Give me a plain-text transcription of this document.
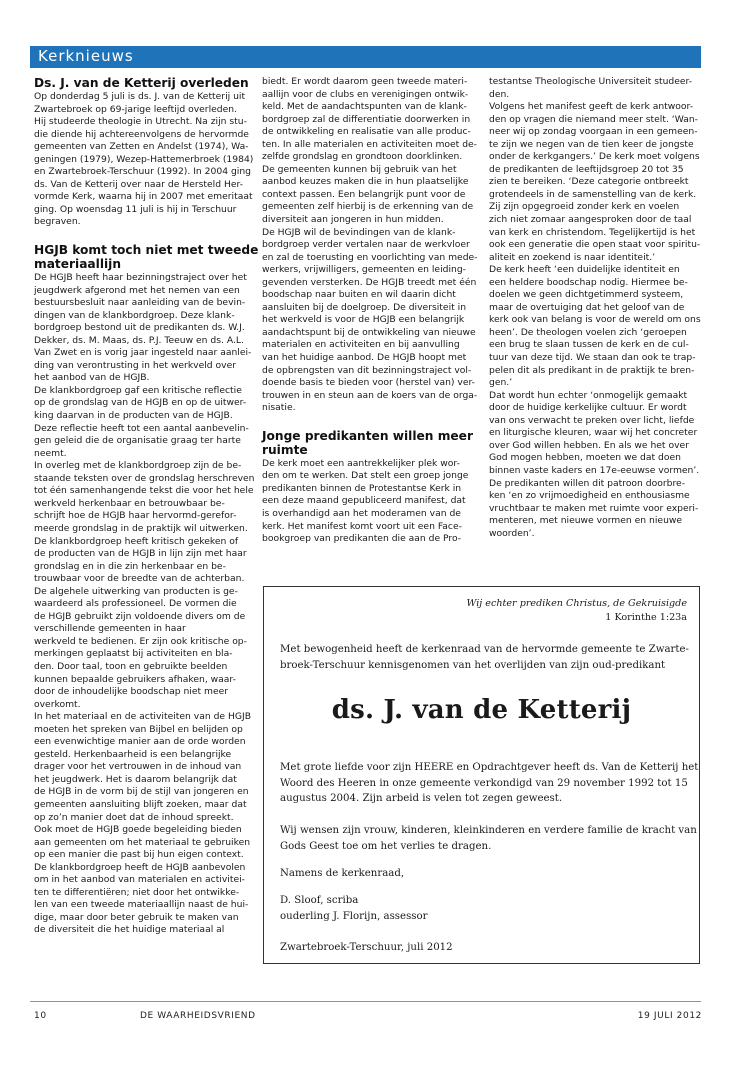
Kerknieuws
Ds. J. van de Ketterij overleden
Op donderdag 5 juli is ds. J. van de Ketterij uit
Zwartebroek op 69-jarige leeftijd overleden.
Hij studeerde theologie in Utrecht. Na zijn stu-
die diende hij achtereenvolgens de hervormde
gemeenten van Zetten en Andelst (1974), Wa-
geningen (1979), Wezep-Hattemerbroek (1984)
en Zwartebroek-Terschuur (1992). In 2004 ging
ds. Van de Ketterij over naar de Hersteld Her-
vormde Kerk, waarna hij in 2007 met emeritaat
ging. Op woensdag 11 juli is hij in Terschuur
begraven.
HGJB komt toch niet met tweede
materiaallijn
De HGJB heeft haar bezinningstraject over het
jeugdwerk afgerond met het nemen van een
bestuursbesluit naar aanleiding van de bevin-
dingen van de klankbordgroep. Deze klank-
bordgroep bestond uit de predikanten ds. W.J.
Dekker, ds. M. Maas, ds. P.J. Teeuw en ds. A.L.
Van Zwet en is vorig jaar ingesteld naar aanlei-
ding van verontrusting in het werkveld over
het aanbod van de HGJB.
De klankbordgroep gaf een kritische reflectie
op de grondslag van de HGJB en op de uitwer-
king daarvan in de producten van de HGJB.
Deze reflectie heeft tot een aantal aanbevelin-
gen geleid die de organisatie graag ter harte
neemt.
In overleg met de klankbordgroep zijn de be-
staande teksten over de grondslag herschreven
tot één samenhangende tekst die voor het hele
werkveld herkenbaar en betrouwbaar be-
schrijft hoe de HGJB haar hervormd-gerefor-
meerde grondslag in de praktijk wil uitwerken.
De klankbordgroep heeft kritisch gekeken of
de producten van de HGJB in lijn zijn met haar
grondslag en in die zin herkenbaar en be-
trouwbaar voor de breedte van de achterban.
De algehele uitwerking van producten is ge-
waardeerd als professioneel. De vormen die
de HGJB gebruikt zijn voldoende divers om de
verschillende gemeenten in haar
werkveld te bedienen. Er zijn ook kritische op-
merkingen geplaatst bij activiteiten en bla-
den. Door taal, toon en gebruikte beelden
kunnen bepaalde gebruikers afhaken, waar-
door de inhoudelijke boodschap niet meer
overkomt.
In het materiaal en de activiteiten van de HGJB
moeten het spreken van Bijbel en belijden op
een evenwichtige manier aan de orde worden
gesteld. Herkenbaarheid is een belangrijke
drager voor het vertrouwen in de inhoud van
het jeugdwerk. Het is daarom belangrijk dat
de HGJB in de vorm bij de stijl van jongeren en
gemeenten aansluiting blijft zoeken, maar dat
op zo’n manier doet dat de inhoud spreekt.
Ook moet de HGJB goede begeleiding bieden
aan gemeenten om het materiaal te gebruiken
op een manier die past bij hun eigen context.
De klankbordgroep heeft de HGJB aanbevolen
om in het aanbod van materialen en activitei-
ten te differentiëren; niet door het ontwikke-
len van een tweede materiaallijn naast de hui-
dige, maar door beter gebruik te maken van
de diversiteit die het huidige materiaal al
biedt. Er wordt daarom geen tweede materi-
aallijn voor de clubs en verenigingen ontwik-
keld. Met de aandachtspunten van de klank-
bordgroep zal de differentiatie doorwerken in
de ontwikkeling en realisatie van alle produc-
ten. In alle materialen en activiteiten moet de-
zelfde grondslag en grondtoon doorklinken.
De gemeenten kunnen bij gebruik van het
aanbod keuzes maken die in hun plaatselijke
context passen. Een belangrijk punt voor de
gemeenten zelf hierbij is de erkenning van de
diversiteit aan jongeren in hun midden.
De HGJB wil de bevindingen van de klank-
bordgroep verder vertalen naar de werkvloer
en zal de toerusting en voorlichting van mede-
werkers, vrijwilligers, gemeenten en leiding-
gevenden versterken. De HGJB treedt met één
boodschap naar buiten en wil daarin dicht
aansluiten bij de doelgroep. De diversiteit in
het werkveld is voor de HGJB een belangrijk
aandachtspunt bij de ontwikkeling van nieuwe
materialen en activiteiten en bij aanvulling
van het huidige aanbod. De HGJB hoopt met
de opbrengsten van dit bezinningstraject vol-
doende basis te bieden voor (herstel van) ver-
trouwen in en steun aan de koers van de orga-
nisatie.
Jonge predikanten willen meer
ruimte
De kerk moet een aantrekkelijker plek wor-
den om te werken. Dat stelt een groep jonge
predikanten binnen de Protestantse Kerk in
een deze maand gepubliceerd manifest, dat
is overhandigd aan het moderamen van de
kerk. Het manifest komt voort uit een Face-
bookgroep van predikanten die aan de Pro-
testantse Theologische Universiteit studeer-
den.
Volgens het manifest geeft de kerk antwoor-
den op vragen die niemand meer stelt. ‘Wan-
neer wij op zondag voorgaan in een gemeen-
te zijn we negen van de tien keer de jongste
onder de kerkgangers.’ De kerk moet volgens
de predikanten de leeftijdsgroep 20 tot 35
zien te bereiken. ‘Deze categorie ontbreekt
grotendeels in de samenstelling van de kerk.
Zij zijn opgegroeid zonder kerk en voelen
zich niet zomaar aangesproken door de taal
van kerk en christendom. Tegelijkertijd is het
ook een generatie die open staat voor spiritu-
aliteit en zoekend is naar identiteit.’
De kerk heeft ‘een duidelijke identiteit en
een heldere boodschap nodig. Hiermee be-
doelen we geen dichtgetimmerd systeem,
maar de overtuiging dat het geloof van de
kerk ook van belang is voor de wereld om ons
heen’. De theologen voelen zich ‘geroepen
een brug te slaan tussen de kerk en de cul-
tuur van deze tijd. We staan dan ook te trap-
pelen dit als predikant in de praktijk te bren-
gen.’
Dat wordt hun echter ‘onmogelijk gemaakt
door de huidige kerkelijke cultuur. Er wordt
van ons verwacht te preken over licht, liefde
en liturgische kleuren, waar wij het concreter
over God willen hebben. En als we het over
God mogen hebben, moeten we dat doen
binnen vaste kaders en 17e-eeuwse vormen’.
De predikanten willen dit patroon doorbre-
ken ‘en zo vrijmoedigheid en enthousiasme
vruchtbaar te maken met ruimte voor experi-
menteren, met nieuwe vormen en nieuwe
woorden’.
Wij echter prediken Christus, de Gekruisigde
1 Korinthe 1:23a
Met bewogenheid heeft de kerkenraad van de hervormde gemeente te Zwarte-
broek-Terschuur kennisgenomen van het overlijden van zijn oud-predikant
ds. J. van de Ketterij
Met grote liefde voor zijn HEERE en Opdrachtgever heeft ds. Van de Ketterij het
Woord des Heeren in onze gemeente verkondigd van 29 november 1992 tot 15
augustus 2004. Zijn arbeid is velen tot zegen geweest.
Wij wensen zijn vrouw, kinderen, kleinkinderen en verdere familie de kracht van
Gods Geest toe om het verlies te dragen.
Namens de kerkenraad,
D. Sloof, scriba
ouderling J. Florijn, assessor
Zwartebroek-Terschuur, juli 2012
10	DE WAARHEIDSVRIEND	19 JULI 2012
